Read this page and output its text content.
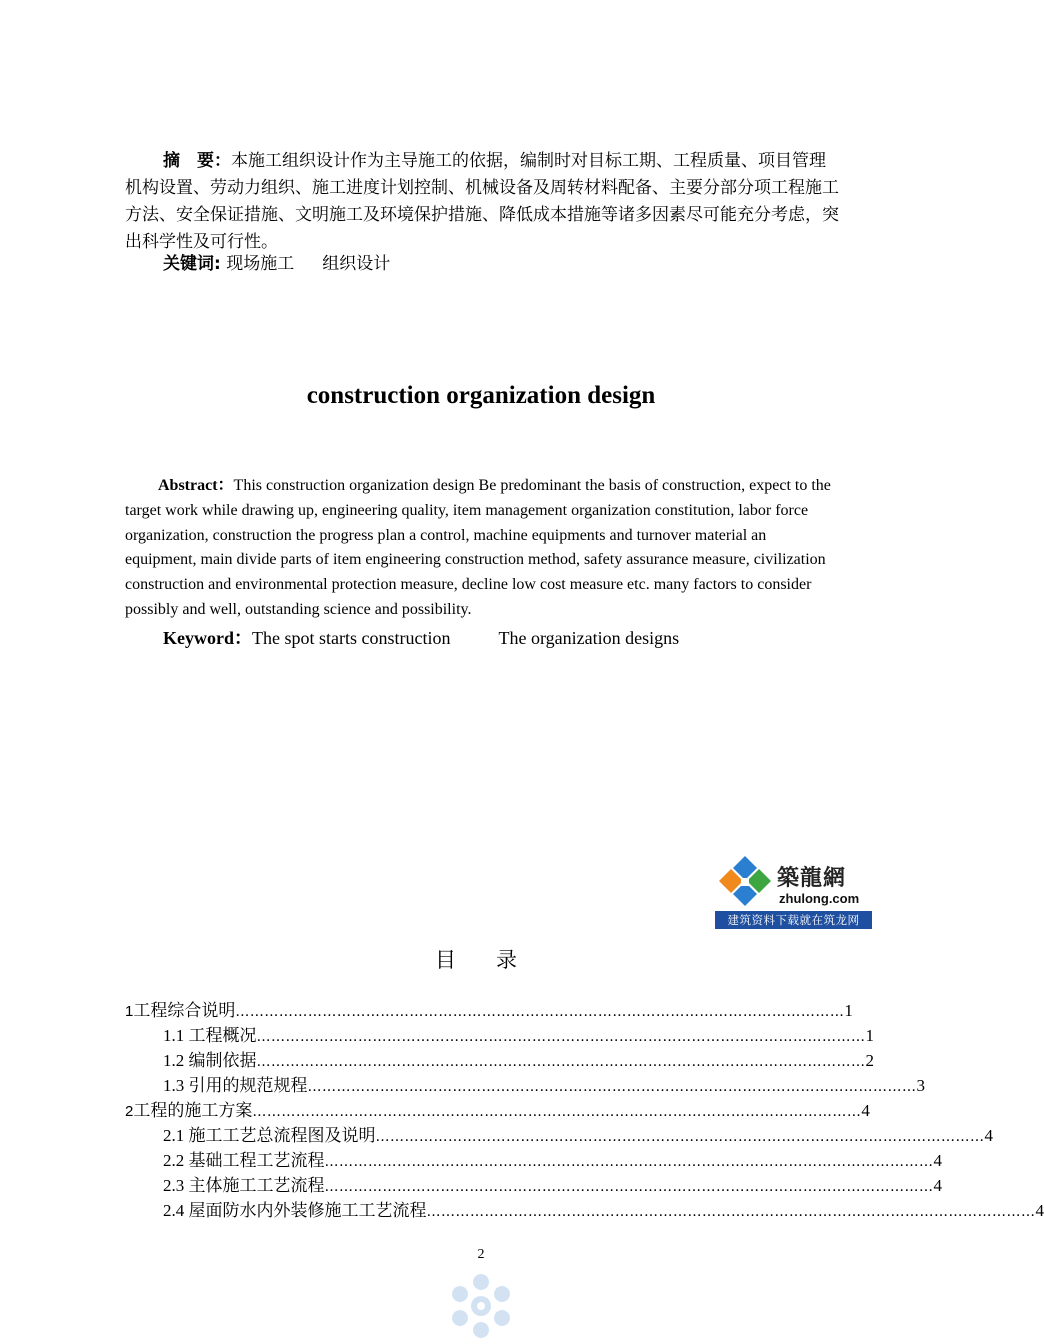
摘　要：本施工组织设计作为主导施工的依据，编制时对目标工期、工程质量、项目管理机构设置、劳动力组织、施工进度计划控制、机械设备及周转材料配备、主要分部分项工程施工方法、安全保证措施、文明施工及环境保护措施、降低成本措施等诸多因素尽可能充分考虑，突出科学性及可行性。

关键词: 现场施工 组织设计
construction organization design

Abstract：This construction organization design Be predominant the basis of construction, expect to the target work while drawing up, engineering quality, item management organization constitution, labor force organization, construction the progress plan a control, machine equipments and turnover material an equipment, main divide parts of item engineering construction method, safety assurance measure, civilization construction and environmental protection measure, decline low cost measure etc. many factors to consider possibly and well, outstanding science and possibility.

Keyword：The spot starts construction	The organization designs
築龍網
zhulong.com
建筑资料下载就在筑龙网
目 录
1 工程综合说明 ……………………………………………………………………………………………………………… 1
1.1 工程概况 ……………………………………………………………………………………………………………… 1
1.2 编制依据 ……………………………………………………………………………………………………………… 2
1.3 引用的规范规程 ……………………………………………………………………………………………………………… 3
2 工程的施工方案 ……………………………………………………………………………………………………………… 4
2.1 施工工艺总流程图及说明 ……………………………………………………………………………………………………………… 4
2.2 基础工程工艺流程 ……………………………………………………………………………………………………………… 4
2.3 主体施工工艺流程 ……………………………………………………………………………………………………………… 4
2.4 屋面防水内外装修施工工艺流程 ……………………………………………………………………………………………………………… 4
2
